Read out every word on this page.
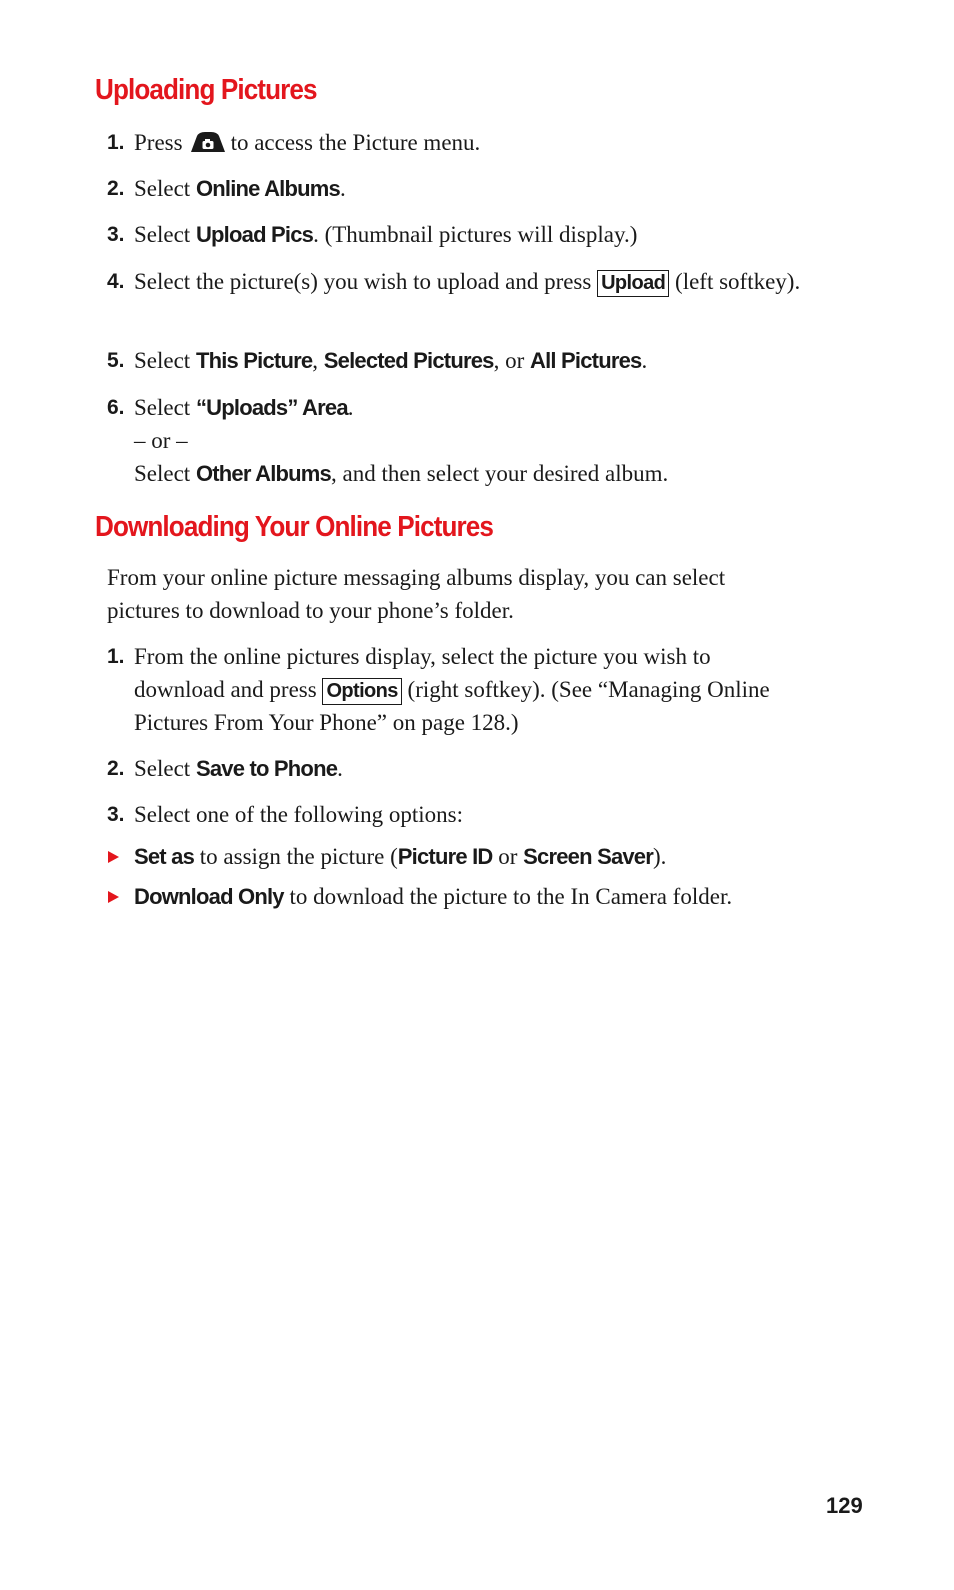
Uploading Pictures
1. Press to access the Picture menu.

2. Select Online Albums.

3. Select Upload Pics. (Thumbnail pictures will display.)

4. Select the picture(s) you wish to upload and press Upload (left softkey).

5. Select This Picture, Selected Pictures, or All Pictures.

6. Select “Uploads” Area.
– or –
Select Other Albums, and then select your desired album.

Downloading Your Online Pictures

From your online picture messaging albums display, you can select pictures to download to your phone’s folder.

1. From the online pictures display, select the picture you wish to download and press Options (right softkey). (See “Managing Online Pictures From Your Phone” on page 128.)

2. Select Save to Phone.

3. Select one of the following options:

Set as to assign the picture (Picture ID or Screen Saver).

Download Only to download the picture to the In Camera folder.

129
